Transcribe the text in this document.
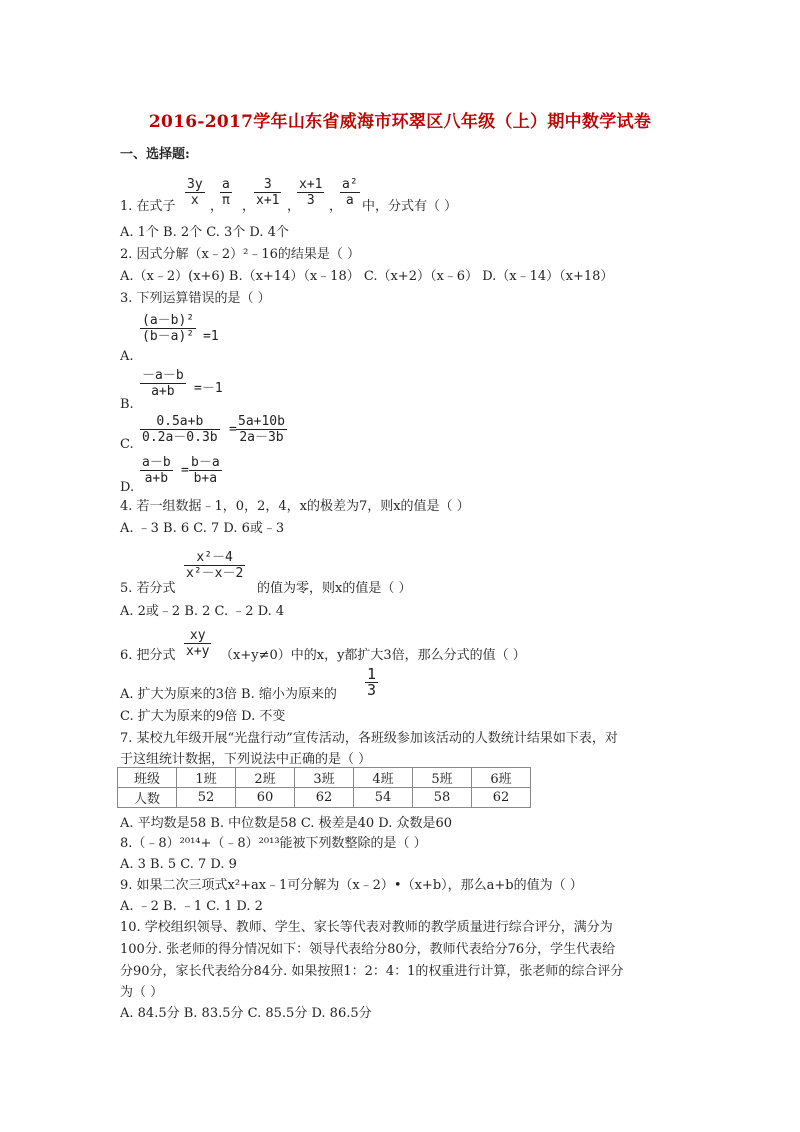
2016-2017学年山东省威海市环翠区八年级（上）期中数学试卷
一、选择题:
3y
x ，
a
π ，
3
x+1 ，
x+1
3	，
a²
a
1. 在式子	中，分式有（ ）
A. 1个 B. 2个 C. 3个 D. 4个
2. 因式分解（x﹣2）²﹣16的结果是（ ）
A.（x﹣2）(x+6) B.（x+14）（x﹣18） C.（x+2）（x﹣6） D.（x﹣14）（x+18）
3. 下列运算错误的是（ ）
A.
(a－b)²
(b－a)² =1
B.
－a－b
a+b	=－1
C.
0.5a+b
0.2a－0.3b
=
5a+10b
2a－3b
D.
a－b
a+b
=
b－a
b+a
4. 若一组数据﹣1，0，2，4，x的极差为7，则x的值是（ ）
A. ﹣3 B. 6 C. 7 D. 6或﹣3
x²－4
x²－x－2
5. 若分式	的值为零，则x的值是（ ）
A. 2或﹣2 B. 2 C. ﹣2 D. 4
xy
x+y
6. 把分式	（x+y≠0）中的x，y都扩大3倍，那么分式的值（ ）
A. 扩大为原来的3倍 B. 缩小为原来的
1
3
C. 扩大为原来的9倍 D. 不变
7. 某校九年级开展“光盘行动”宣传活动，各班级参加该活动的人数统计结果如下表，对
于这组统计数据，下列说法中正确的是（ ）
班级	1班	2班	3班	4班	5班	6班
人数	52	60	62	54	58	62
A. 平均数是58 B. 中位数是58 C. 极差是40 D. 众数是60
8.（﹣8）²⁰¹⁴+（﹣8）²⁰¹³能被下列数整除的是（ ）
A. 3 B. 5 C. 7 D. 9
9. 如果二次三项式x²+ax﹣1可分解为（x﹣2）•（x+b），那么a+b的值为（ ）
A. ﹣2 B. ﹣1 C. 1 D. 2
10. 学校组织领导、教师、学生、家长等代表对教师的教学质量进行综合评分，满分为
100分. 张老师的得分情况如下：领导代表给分80分，教师代表给分76分，学生代表给
分90分，家长代表给分84分. 如果按照1：2：4：1的权重进行计算，张老师的综合评分
为（ ）
A. 84.5分 B. 83.5分 C. 85.5分 D. 86.5分
